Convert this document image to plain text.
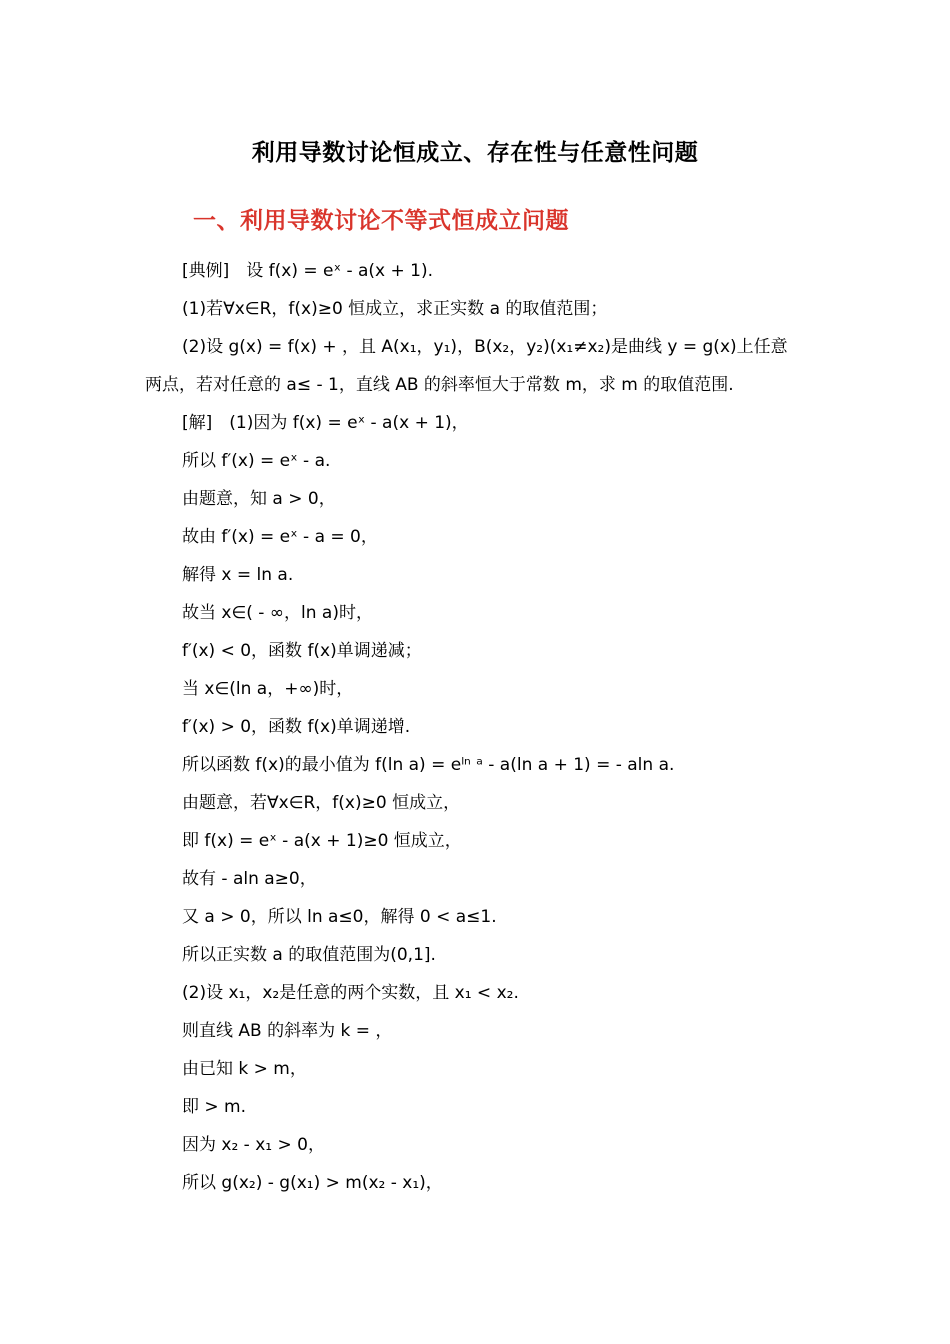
利用导数讨论恒成立、存在性与任意性问题
一、利用导数讨论不等式恒成立问题
[典例]　设 f(x) = eˣ - a(x + 1).
(1)若∀x∈R，f(x)≥0 恒成立，求正实数 a 的取值范围；
(2)设 g(x) = f(x) + ，且 A(x₁，y₁)，B(x₂，y₂)(x₁≠x₂)是曲线 y = g(x)上任意
两点，若对任意的 a≤ - 1，直线 AB 的斜率恒大于常数 m，求 m 的取值范围.
[解]　(1)因为 f(x) = eˣ - a(x + 1)，
所以 f′(x) = eˣ - a.
由题意，知 a > 0，
故由 f′(x) = eˣ - a = 0，
解得 x = ln a.
故当 x∈( - ∞，ln a)时，
f′(x) < 0，函数 f(x)单调递减；
当 x∈(ln a，+∞)时，
f′(x) > 0，函数 f(x)单调递增.
所以函数 f(x)的最小值为 f(ln a) = eˡⁿ ᵃ - a(ln a + 1) = - aln a.
由题意，若∀x∈R，f(x)≥0 恒成立，
即 f(x) = eˣ - a(x + 1)≥0 恒成立，
故有 - aln a≥0，
又 a > 0，所以 ln a≤0，解得 0 < a≤1.
所以正实数 a 的取值范围为(0,1].
(2)设 x₁，x₂是任意的两个实数，且 x₁ < x₂.
则直线 AB 的斜率为 k = ，
由已知 k > m，
即 > m.
因为 x₂ - x₁ > 0，
所以 g(x₂) - g(x₁) > m(x₂ - x₁)，
